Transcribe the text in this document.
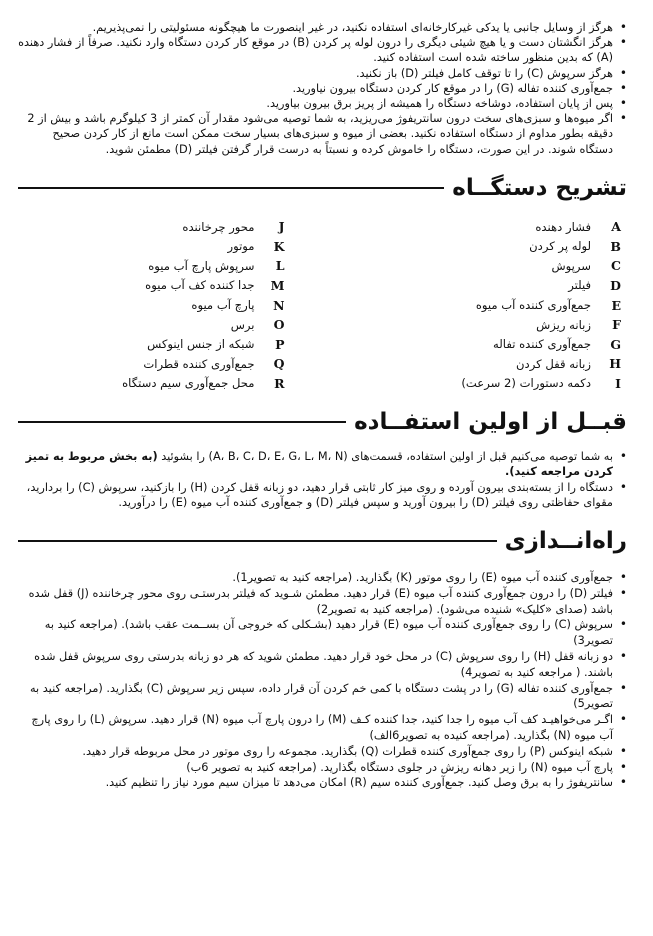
• هرگز از وسایل جانبی یا یدکی غیرکارخانه‌ای استفاده نکنید، در غیر اینصورت ما هیچگونه مسئولیتی را نمی‌پذیریم.
• هرگز انگشتان دست و یا هیچ شیئی دیگری را درون لوله پر کردن (B) در موقع کار کردن دستگاه وارد نکنید. صرفاً از فشار دهنده (A) که بدین منظور ساخته شده است استفاده کنید.
• هرگز سرپوش (C) را تا توقف کامل فیلتر (D) باز نکنید.
• جمع‌آوری کننده تفاله (G) را در موقع کار کردن دستگاه بیرون نیاورید.
• پس از پایان استفاده، دوشاخه دستگاه را همیشه از پریز برق بیرون بیاورید.
• اگر میوه‌ها و سبزی‌های سخت درون سانتریفوژ می‌ریزید، به شما توصیه می‌شود مقدار آن کمتر از 3 کیلوگرم باشد و بیش از 2 دقیقه بطور مداوم از دستگاه استفاده نکنید. بعضی از میوه و سبزی‌های بسیار سخت ممکن است مانع از کار کردن صحیح دستگاه شوند. در این صورت، دستگاه را خاموش کرده و نسبتاً به درست قرار گرفتن فیلتر (D) مطمئن شوید.
تشریح دستگــاه
A
فشار دهنده
B
لوله پر کردن
C
سرپوش
D
فیلتر
E
جمع‌آوری کننده آب میوه
F
زبانه ریزش
G
جمع‌آوری کننده تفاله
H
زبانه قفل کردن
I
دکمه دستورات (2 سرعت)
J
محور چرخاننده
K
موتور
L
سرپوش پارچ آب میوه
M
جدا کننده کف آب میوه
N
پارچ آب میوه
O
برس
P
شبکه از جنس اینوکس
Q
جمع‌آوری کننده قطرات
R
محل جمع‌آوری سیم دستگاه
قبــل از اولین استفــاده
• به شما توصیه می‌کنیم قبل از اولین استفاده، قسمت‌های (A، B، C، D، E، G، L، M، N) را بشوئید (به بخش مربوط به تمیز کردن مراجعه کنید).
• دستگاه را از بسته‌بندی بیرون آورده و روی میز کار ثابتی قرار دهید، دو زبانه قفل کردن (H) را بازکنید، سرپوش (C) را بردارید، مقوای حفاظتی روی فیلتر (D) را بیرون آورید و سپس فیلتر (D) و جمع‌آوری کننده آب میوه (E) را درآورید.
راه‌انــدازی
• جمع‌آوری کننده آب میوه (E) را روی موتور (K) بگذارید. (مراجعه کنید به تصویر1).
• فیلتر (D) را درون جمع‌آوری کننده آب میوه (E) قرار دهید. مطمئن شـوید که فیلتر بدرستـی روی محور چرخاننده (J) قفل شده باشد (صدای «کلیک» شنیده می‌شود). (مراجعه کنید به تصویر2)
• سرپوش (C) را روی جمع‌آوری کننده آب میوه (E) قرار دهید (بشـکلی که خروجی آن بســمت عقب باشد). (مراجعه کنید به تصویر3)
• دو زبانه قفل (H) را روی سرپوش (C) در محل خود قرار دهید. مطمئن شوید که هر دو زبانه بدرستی روی سرپوش قفل شده باشند. ( مراجعه کنید به تصویر4)
• جمع‌آوری کننده تفاله (G) را در پشت دستگاه با کمی خم کردن آن قرار داده، سپس زیر سرپوش (C) بگذارید. (مراجعه کنید به تصویر5)
• اگـر می‌خواهیـد کف آب میوه را جدا کنید، جدا کننده کـف (M) را درون پارچ آب میوه (N) قرار دهید. سرپوش (L) را روی پارچ آب میوه (N) بگذارید. (مراجعه کنیده به تصویر6الف)
• شبکه اینوکس (P) را روی جمع‌آوری کننده قطرات (Q) بگذارید. مجموعه را روی موتور در محل مربوطه قرار دهید.
• پارچ آب میوه (N) را زیر دهانه ریزش در جلوی دستگاه بگذارید. (مراجعه کنید به تصویر 6ب)
• سانتریفوژ را به برق وصل کنید. جمع‌آوری کننده سیم (R) امکان می‌دهد تا میزان سیم مورد نیاز را تنظیم کنید.
